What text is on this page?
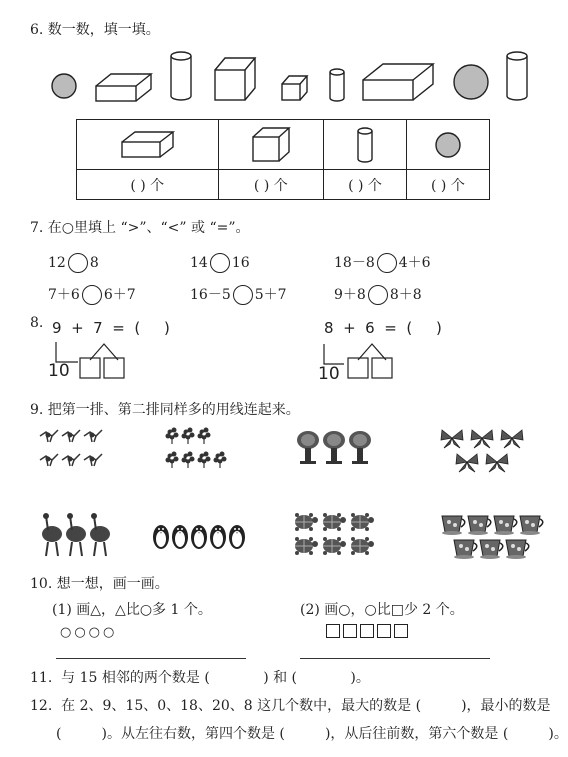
6. 数一数，填一填。

( ) 个	( ) 个	( ) 个	( ) 个
7. 在○里填上 “>”、“<” 或 “=”。
12 8	14 16	18－8 4＋6
7＋6 6＋7	16－5 5＋7	9＋8 8＋8
8. 9  +  7  =  (     )	8  +  6  =  (     )
10	10
9. 把第一排、第二排同样多的用线连起来。
10. 想一想，画一画。
(1) 画△，△比○多 1 个。
○○○○
(2) 画○，○比□少 2 个。
11.  与 15 相邻的两个数是 (            ) 和 (            )。
12.  在 2、9、15、0、18、20、8 这几个数中，最大的数是 (         )，最小的数是
(         )。从左往右数，第四个数是 (         )，从后往前数，第六个数是 (         )。
